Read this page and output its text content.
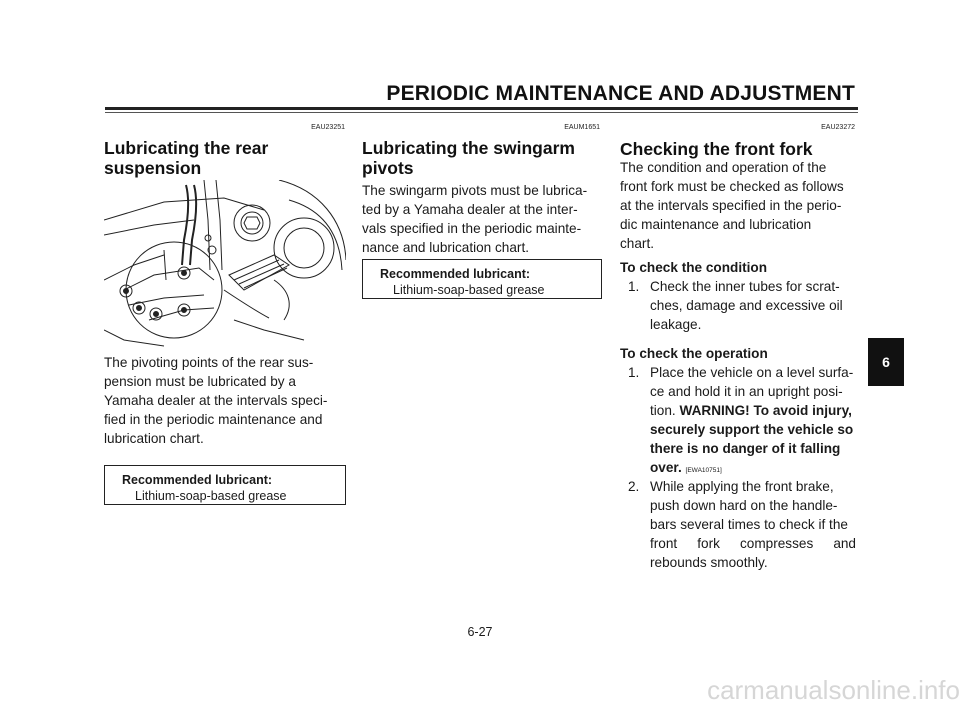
PERIODIC MAINTENANCE AND ADJUSTMENT
EAU23251
Lubricating the rear
suspension
The pivoting points of the rear sus-
pension must be lubricated by a
Yamaha dealer at the intervals speci-
fied in the periodic maintenance and
lubrication chart.
Recommended lubricant:
Lithium-soap-based grease
EAUM1651
Lubricating the swingarm
pivots
The swingarm pivots must be lubrica-
ted by a Yamaha dealer at the inter-
vals specified in the periodic mainte-
nance and lubrication chart.
Recommended lubricant:
Lithium-soap-based grease
EAU23272
Checking the front fork
The condition and operation of the
front fork must be checked as follows
at the intervals specified in the perio-
dic maintenance and lubrication
chart.
To check the condition
1. Check the inner tubes for scrat-
ches, damage and excessive oil
leakage.
To check the operation
1. Place the vehicle on a level surfa-
ce and hold it in an upright posi-
tion. WARNING! To avoid injury,
securely support the vehicle so
there is no danger of it falling
over. [EWA10751]
2. While applying the front brake,
push down hard on the handle-
bars several times to check if the
front fork compresses and
rebounds smoothly.
6
6-27
carmanualsonline.info
